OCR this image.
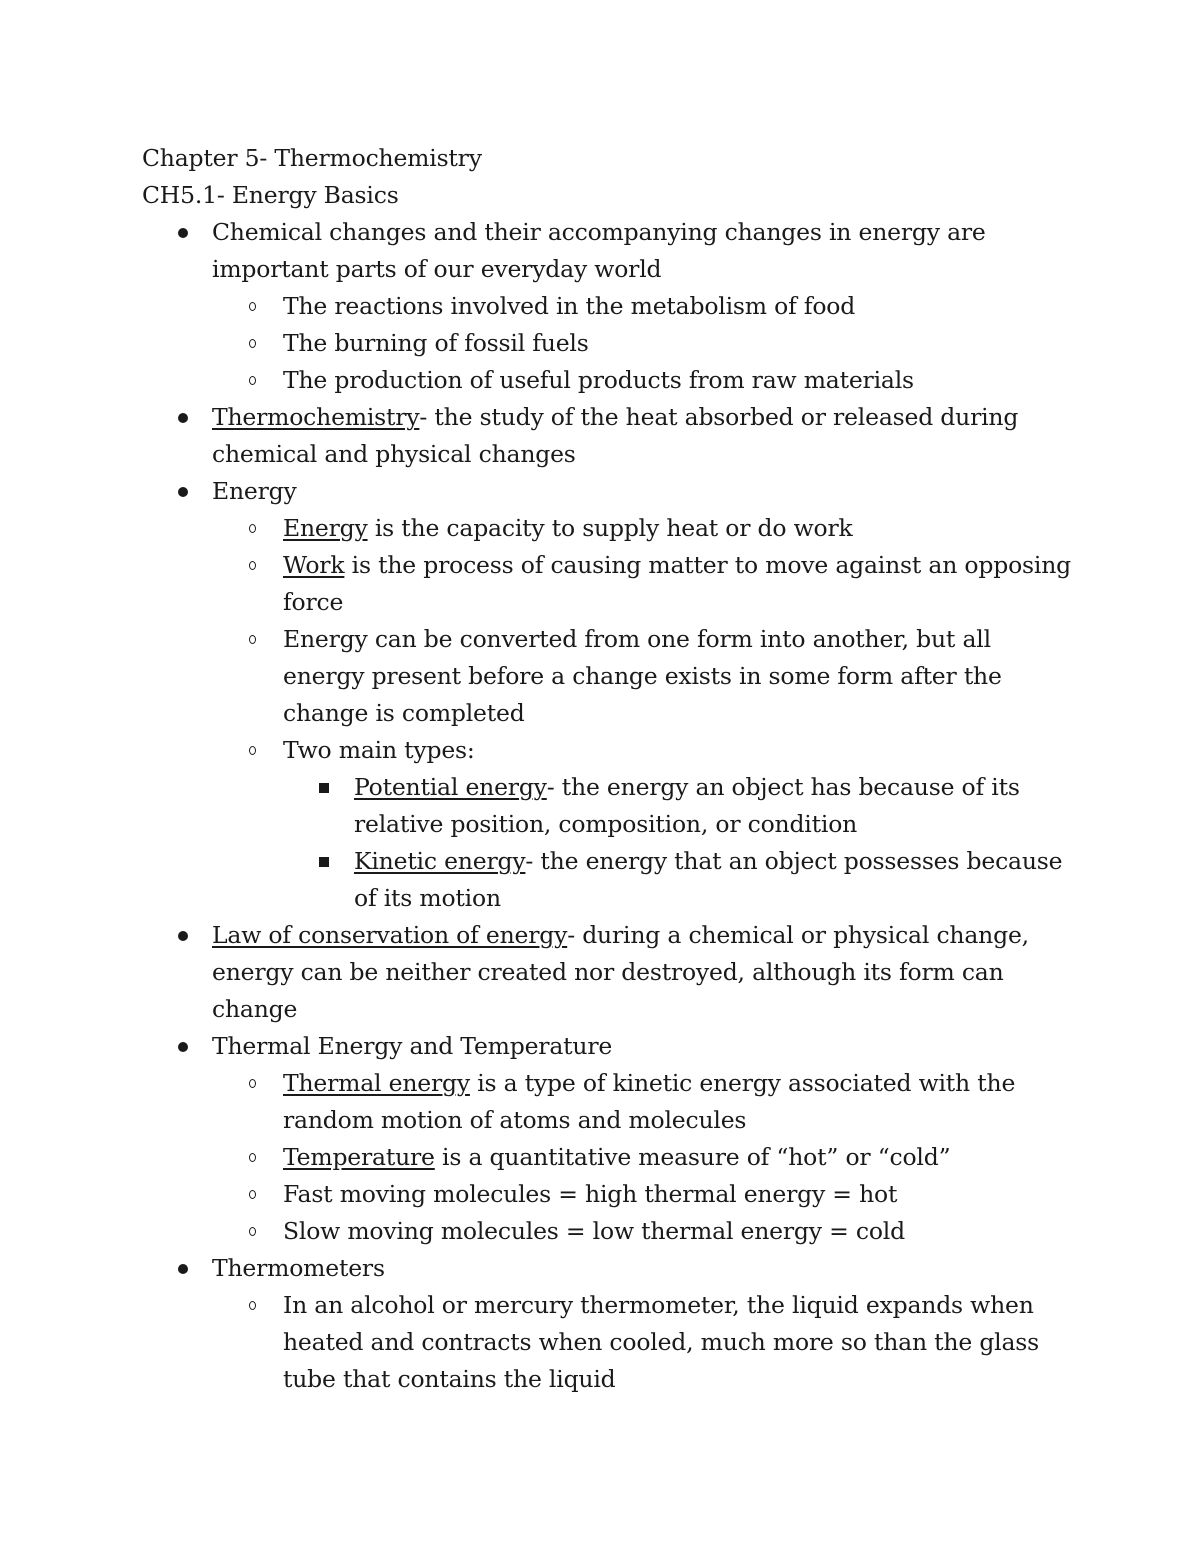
Chapter 5- Thermochemistry

CH5.1- Energy Basics

Chemical changes and their accompanying changes in energy are important parts of our everyday world
The reactions involved in the metabolism of food
The burning of fossil fuels
The production of useful products from raw materials
Thermochemistry- the study of the heat absorbed or released during chemical and physical changes
Energy
Energy is the capacity to supply heat or do work
Work is the process of causing matter to move against an opposing force
Energy can be converted from one form into another, but all energy present before a change exists in some form after the change is completed
Two main types:
Potential energy- the energy an object has because of its relative position, composition, or condition
Kinetic energy- the energy that an object possesses because of its motion
Law of conservation of energy- during a chemical or physical change, energy can be neither created nor destroyed, although its form can change
Thermal Energy and Temperature
Thermal energy is a type of kinetic energy associated with the random motion of atoms and molecules
Temperature is a quantitative measure of “hot” or “cold”
Fast moving molecules = high thermal energy = hot
Slow moving molecules = low thermal energy = cold
Thermometers
In an alcohol or mercury thermometer, the liquid expands when heated and contracts when cooled, much more so than the glass tube that contains the liquid
